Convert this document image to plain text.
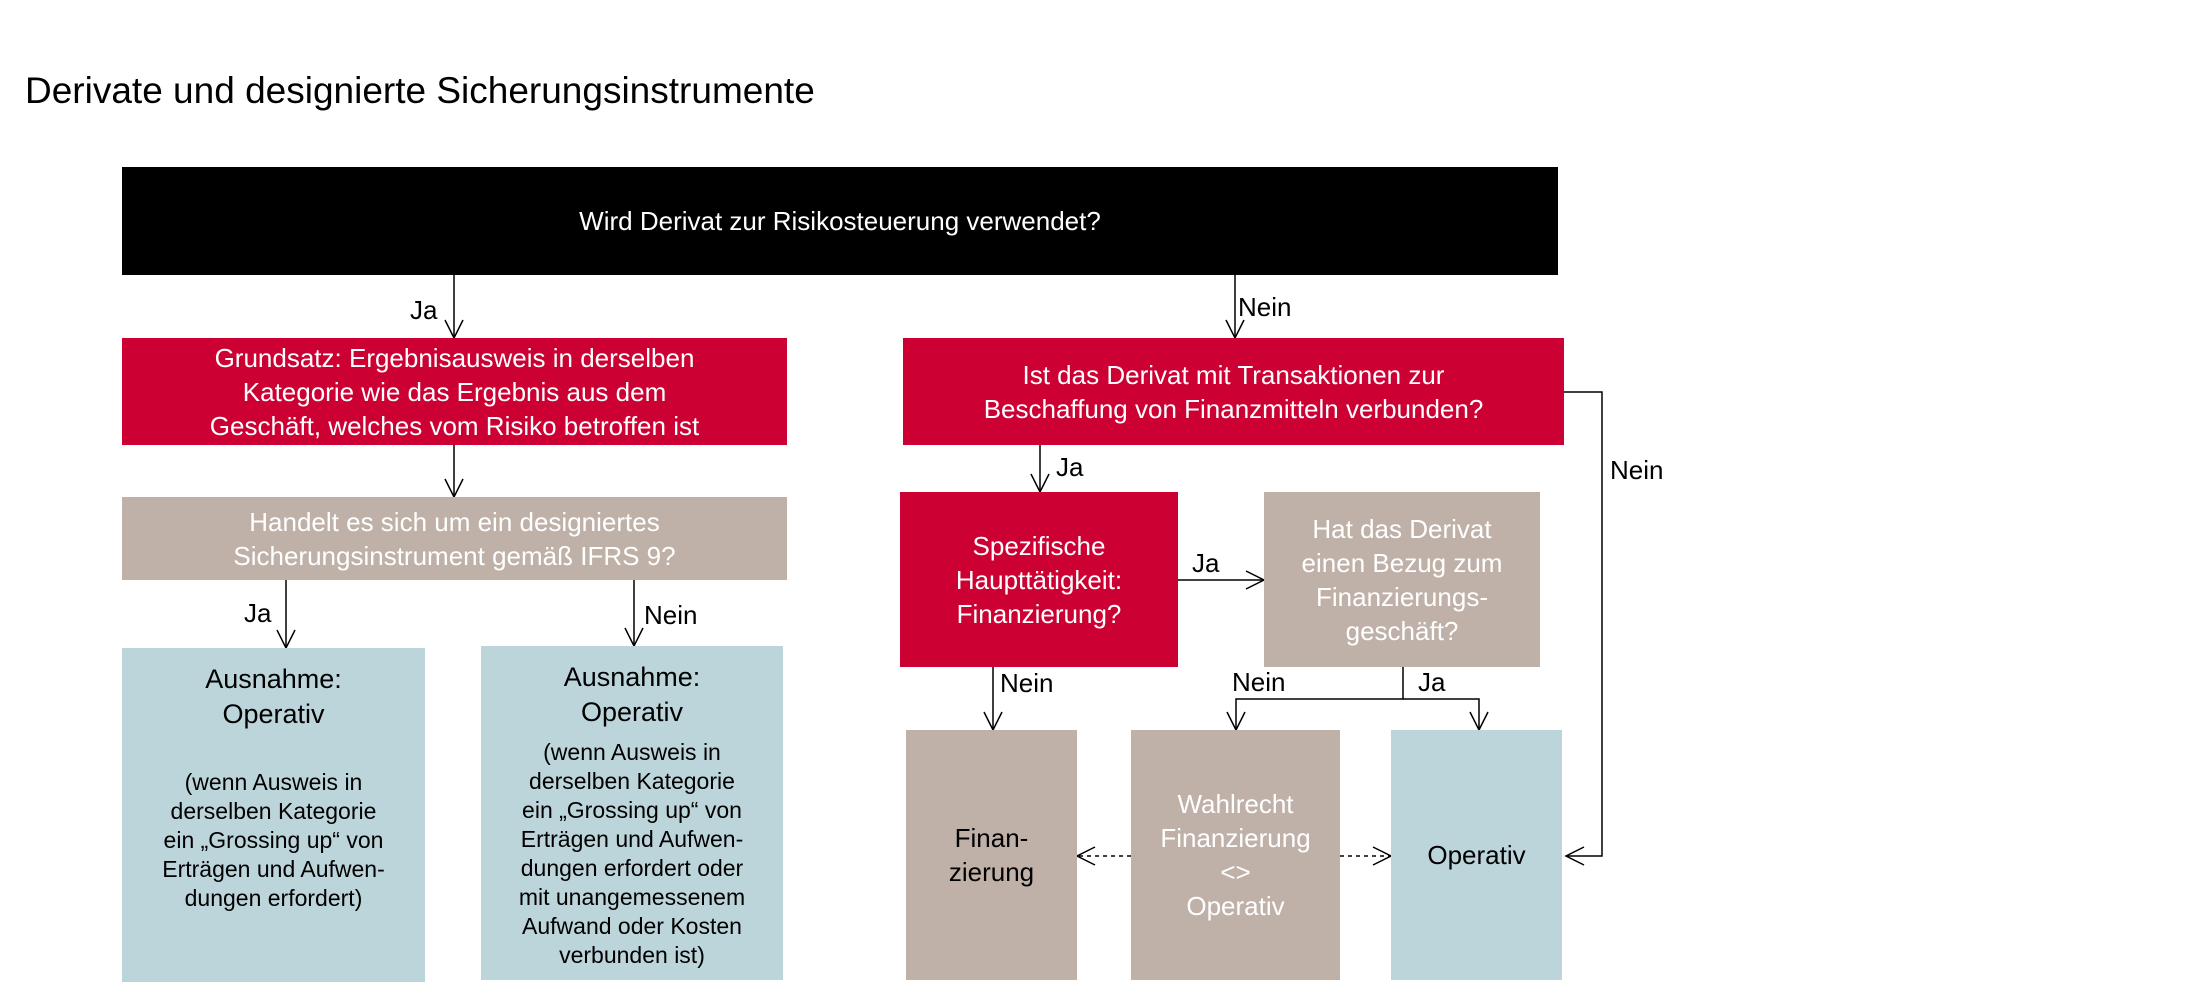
Derivate und designierte Sicherungsinstrumente
Wird Derivat zur Risikosteuerung verwendet?
Grundsatz: Ergebnisausweis in derselben
Kategorie wie das Ergebnis aus dem
Geschäft, welches vom Risiko betroffen ist
Handelt es sich um ein designiertes
Sicherungsinstrument gemäß IFRS 9?
Ausnahme:
Operativ
(wenn Ausweis in
derselben Kategorie
ein „Grossing up“ von
Erträgen und Aufwen-
dungen erfordert)
Ausnahme:
Operativ
(wenn Ausweis in
derselben Kategorie
ein „Grossing up“ von
Erträgen und Aufwen-
dungen erfordert oder
mit unangemessenem
Aufwand oder Kosten
verbunden ist)
Ist das Derivat mit Transaktionen zur
Beschaffung von Finanzmitteln verbunden?
Spezifische
Haupttätigkeit:
Finanzierung?
Hat das Derivat
einen Bezug zum
Finanzierungs-
geschäft?
Finan-
zierung
Wahlrecht
Finanzierung
<>
Operativ
Operativ
Ja	Nein
Ja	Nein
Ja	Nein
Ja
Nein	Nein	Ja
